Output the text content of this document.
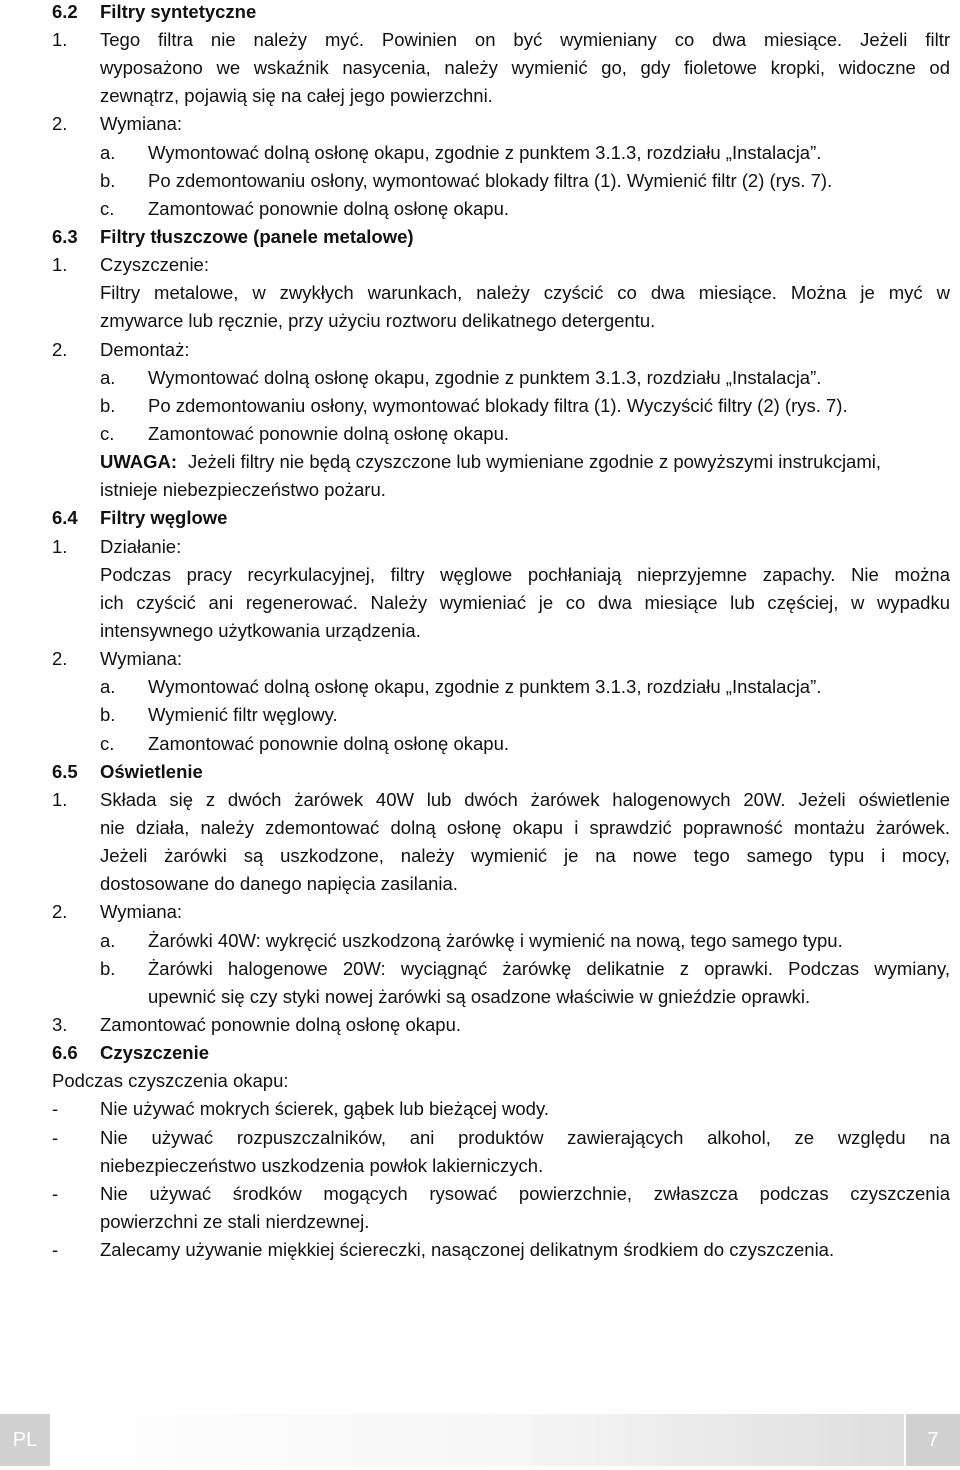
6.2 Filtry syntetyczne
1. Tego filtra nie należy myć. Powinien on być wymieniany co dwa miesiące. Jeżeli filtr
wyposażono we wskaźnik nasycenia, należy wymienić go, gdy fioletowe kropki, widoczne od
zewnątrz, pojawią się na całej jego powierzchni.
2. Wymiana:
a. Wymontować dolną osłonę okapu, zgodnie z punktem 3.1.3, rozdziału „Instalacja”.
b. Po zdemontowaniu osłony, wymontować blokady filtra (1). Wymienić filtr (2) (rys. 7).
c. Zamontować ponownie dolną osłonę okapu.
6.3 Filtry tłuszczowe (panele metalowe)
1. Czyszczenie:
Filtry metalowe, w zwykłych warunkach, należy czyścić co dwa miesiące. Można je myć w
zmywarce lub ręcznie, przy użyciu roztworu delikatnego detergentu.
2. Demontaż:
a. Wymontować dolną osłonę okapu, zgodnie z punktem 3.1.3, rozdziału „Instalacja”.
b. Po zdemontowaniu osłony, wymontować blokady filtra (1). Wyczyścić filtry (2) (rys. 7).
c. Zamontować ponownie dolną osłonę okapu.
UWAGA: Jeżeli filtry nie będą czyszczone lub wymieniane zgodnie z powyższymi instrukcjami,
istnieje niebezpieczeństwo pożaru.
6.4 Filtry węglowe
1. Działanie:
Podczas pracy recyrkulacyjnej, filtry węglowe pochłaniają nieprzyjemne zapachy. Nie można
ich czyścić ani regenerować. Należy wymieniać je co dwa miesiące lub częściej, w wypadku
intensywnego użytkowania urządzenia.
2. Wymiana:
a. Wymontować dolną osłonę okapu, zgodnie z punktem 3.1.3, rozdziału „Instalacja”.
b. Wymienić filtr węglowy.
c. Zamontować ponownie dolną osłonę okapu.
6.5 Oświetlenie
1. Składa się z dwóch żarówek 40W lub dwóch żarówek halogenowych 20W. Jeżeli oświetlenie
nie działa, należy zdemontować dolną osłonę okapu i sprawdzić poprawność montażu żarówek.
Jeżeli żarówki są uszkodzone, należy wymienić je na nowe tego samego typu i mocy,
dostosowane do danego napięcia zasilania.
2. Wymiana:
a. Żarówki 40W: wykręcić uszkodzoną żarówkę i wymienić na nową, tego samego typu.
b. Żarówki halogenowe 20W: wyciągnąć żarówkę delikatnie z oprawki. Podczas wymiany,
upewnić się czy styki nowej żarówki są osadzone właściwie w gnieździe oprawki.
3. Zamontować ponownie dolną osłonę okapu.
6.6 Czyszczenie
Podczas czyszczenia okapu:
- Nie używać mokrych ścierek, gąbek lub bieżącej wody.
- Nie używać rozpuszczalników, ani produktów zawierających alkohol, ze względu na
niebezpieczeństwo uszkodzenia powłok lakierniczych.
- Nie używać środków mogących rysować powierzchnie, zwłaszcza podczas czyszczenia
powierzchni ze stali nierdzewnej.
- Zalecamy używanie miękkiej ściereczki, nasączonej delikatnym środkiem do czyszczenia.
PL	7
